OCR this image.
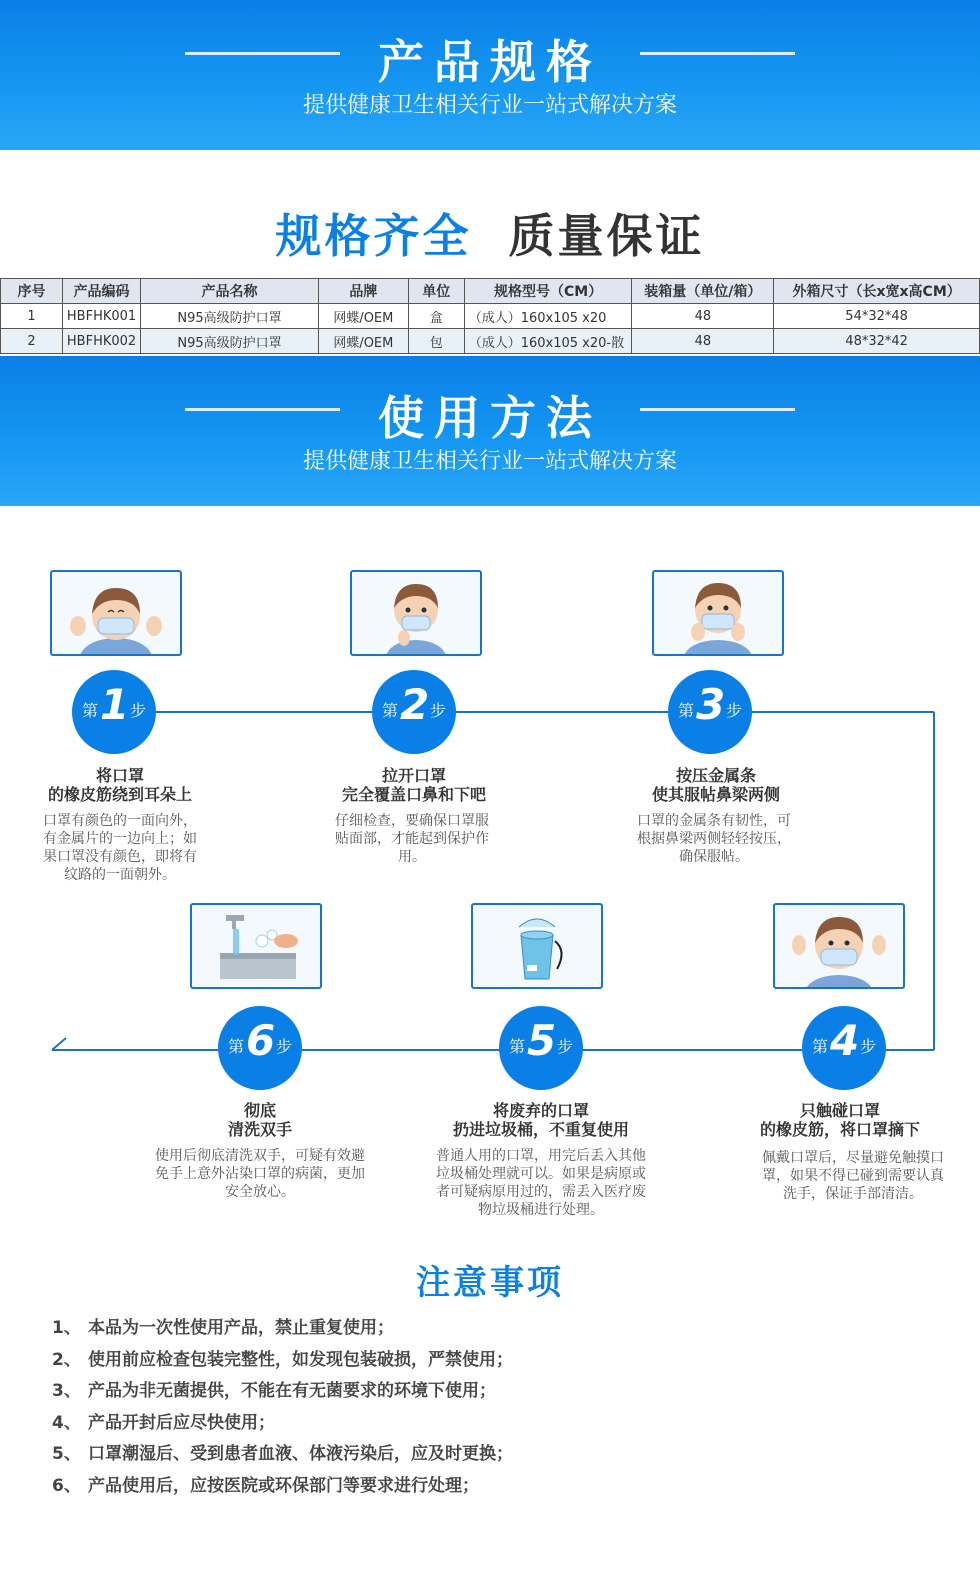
产品规格
提供健康卫生相关行业一站式解决方案
规格齐全 质量保证
序号	产品编码	产品名称	品牌	单位	规格型号（CM）	装箱量（单位/箱）	外箱尺寸（长x宽x高CM）
1	HBFHK001	N95高级防护口罩	网蝶/OEM	盒	（成人）160x105 x20	48	54*32*48
2	HBFHK002	N95高级防护口罩	网蝶/OEM	包	（成人）160x105 x20-散	48	48*32*42
使用方法
提供健康卫生相关行业一站式解决方案
第 1 步
将口罩
的橡皮筋绕到耳朵上
口罩有颜色的一面向外，
有金属片的一边向上；如
果口罩没有颜色，即将有
纹路的一面朝外。
第 2 步
拉开口罩
完全覆盖口鼻和下吧
仔细检查，要确保口罩服
贴面部，才能起到保护作
用。
第 3 步
按压金属条
使其服帖鼻梁两侧
口罩的金属条有韧性，可
根据鼻梁两侧轻轻按压，
确保服帖。
第 6 步
彻底
清洗双手
使用后彻底清洗双手，可疑有效避
免手上意外沾染口罩的病菌，更加
安全放心。
第 5 步
将废弃的口罩
扔进垃圾桶，不重复使用
普通人用的口罩，用完后丢入其他
垃圾桶处理就可以。如果是病原或
者可疑病原用过的，需丢入医疗废
物垃圾桶进行处理。
第 4 步
只触碰口罩
的橡皮筋，将口罩摘下
佩戴口罩后，尽量避免触摸口
罩，如果不得已碰到需要认真
洗手，保证手部清洁。
注意事项
1、 本品为一次性使用产品，禁止重复使用；
2、 使用前应检查包装完整性，如发现包装破损，严禁使用；
3、 产品为非无菌提供，不能在有无菌要求的环境下使用；
4、 产品开封后应尽快使用；
5、 口罩潮湿后、受到患者血液、体液污染后，应及时更换；
6、 产品使用后，应按医院或环保部门等要求进行处理；
